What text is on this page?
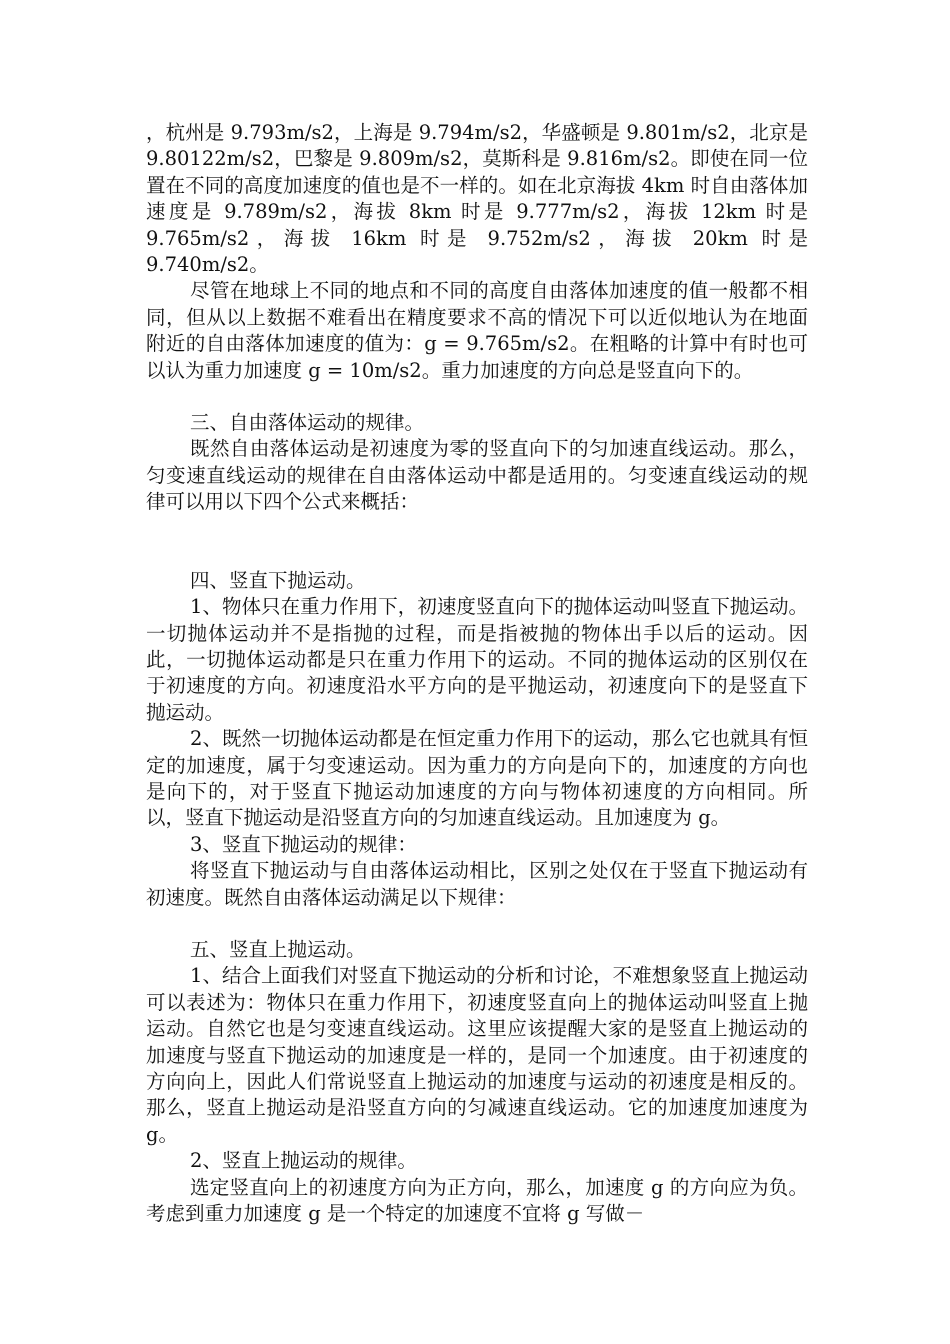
，杭州是 9.793m/s2，上海是 9.794m/s2，华盛顿是 9.801m/s2，北京是 9.80122m/s2，巴黎是 9.809m/s2，莫斯科是 9.816m/s2。即使在同一位置在不同的高度加速度的值也是不一样的。如在北京海拔 4km 时自由落体加速度是 9.789m/s2，海拔 8km 时是 9.777m/s2，海拔 12km 时是 9.765m/s2，海拔 16km 时是 9.752m/s2，海拔 20km 时是 9.740m/s2。

尽管在地球上不同的地点和不同的高度自由落体加速度的值一般都不相同，但从以上数据不难看出在精度要求不高的情况下可以近似地认为在地面附近的自由落体加速度的值为：g = 9.765m/s2。在粗略的计算中有时也可以认为重力加速度 g = 10m/s2。重力加速度的方向总是竖直向下的。

三、自由落体运动的规律。

既然自由落体运动是初速度为零的竖直向下的匀加速直线运动。那么，匀变速直线运动的规律在自由落体运动中都是适用的。匀变速直线运动的规律可以用以下四个公式来概括：

四、竖直下抛运动。

1、物体只在重力作用下，初速度竖直向下的抛体运动叫竖直下抛运动。一切抛体运动并不是指抛的过程，而是指被抛的物体出手以后的运动。因此，一切抛体运动都是只在重力作用下的运动。不同的抛体运动的区别仅在于初速度的方向。初速度沿水平方向的是平抛运动，初速度向下的是竖直下抛运动。

2、既然一切抛体运动都是在恒定重力作用下的运动，那么它也就具有恒定的加速度，属于匀变速运动。因为重力的方向是向下的，加速度的方向也是向下的，对于竖直下抛运动加速度的方向与物体初速度的方向相同。所以，竖直下抛运动是沿竖直方向的匀加速直线运动。且加速度为 g。

3、竖直下抛运动的规律：

将竖直下抛运动与自由落体运动相比，区别之处仅在于竖直下抛运动有初速度。既然自由落体运动满足以下规律：

五、竖直上抛运动。

1、结合上面我们对竖直下抛运动的分析和讨论，不难想象竖直上抛运动可以表述为：物体只在重力作用下，初速度竖直向上的抛体运动叫竖直上抛运动。自然它也是匀变速直线运动。这里应该提醒大家的是竖直上抛运动的加速度与竖直下抛运动的加速度是一样的，是同一个加速度。由于初速度的方向向上，因此人们常说竖直上抛运动的加速度与运动的初速度是相反的。那么，竖直上抛运动是沿竖直方向的匀减速直线运动。它的加速度加速度为 g。

2、竖直上抛运动的规律。

选定竖直向上的初速度方向为正方向，那么，加速度 g 的方向应为负。考虑到重力加速度 g 是一个特定的加速度不宜将 g 写做－
